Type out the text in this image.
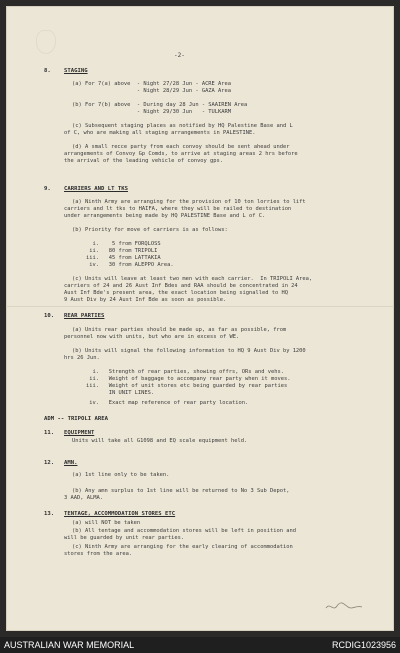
-2-
8. STAGING
(a) For 7(a) above  - Night 27/28 Jun - ACRE Area
- Night 28/29 Jun - GAZA Area
(b) For 7(b) above  - During day 28 Jun - SAAIREN Area
- Night 29/30 Jun   - TULKARM
(c) Subsequent staging places as notified by HQ Palestine Base and L
of C, who are making all staging arrangements in PALESTINE.
(d) A small recce party from each convoy should be sent ahead under
arrangements of Convoy Gp Comds, to arrive at staging areas 2 hrs before
the arrival of the leading vehicle of convoy gps.
9. CARRIERS AND LT TKS
(a) Ninth Army are arranging for the provision of 10 ton lorries to lift
carriers and lt tks to HAIFA, where they will be railed to destination
under arrangements being made by HQ PALESTINE Base and L of C.
(b) Priority for move of carriers is as follows:
i.    5 from FORQLOSS
ii.   80 from TRIPOLI
iii.   45 from LATTAKIA
iv.   30 from ALEPPO Area.
(c) Units will leave at least two men with each carrier.  In TRIPOLI Area,
carriers of 24 and 26 Aust Inf Bdes and RAA should be concentrated in 24
Aust Inf Bde's present area, the exact location being signalled to HQ
9 Aust Div by 24 Aust Inf Bde as soon as possible.
10. REAR PARTIES
(a) Units rear parties should be made up, as far as possible, from
personnel now with units, but who are in excess of WE.
(b) Units will signal the following information to HQ 9 Aust Div by 1200
hrs 26 Jun.
i.   Strength of rear parties, showing offrs, ORs and vehs.
ii.   Weight of baggage to accompany rear party when it moves.
iii.   Weight of unit stores etc being guarded by rear parties
IN UNIT LINES.
iv.   Exact map reference of rear party location.
ADM -- TRIPOLI AREA
11. EQUIPMENT
Units will take all G1098 and EQ scale equipment held.
12. AMN.
(a) 1st line only to be taken.
(b) Any amn surplus to 1st line will be returned to No 3 Sub Depot,
3 AAD, ALMA.
13. TENTAGE, ACCOMMODATION STORES ETC
(a) will NOT be taken
(b) All tentage and accommodation stores will be left in position and
will be guarded by unit rear parties.
(c) Ninth Army are arranging for the early clearing of accommodation
stores from the area.
AUSTRALIAN WAR MEMORIAL	RCDIG1023956
